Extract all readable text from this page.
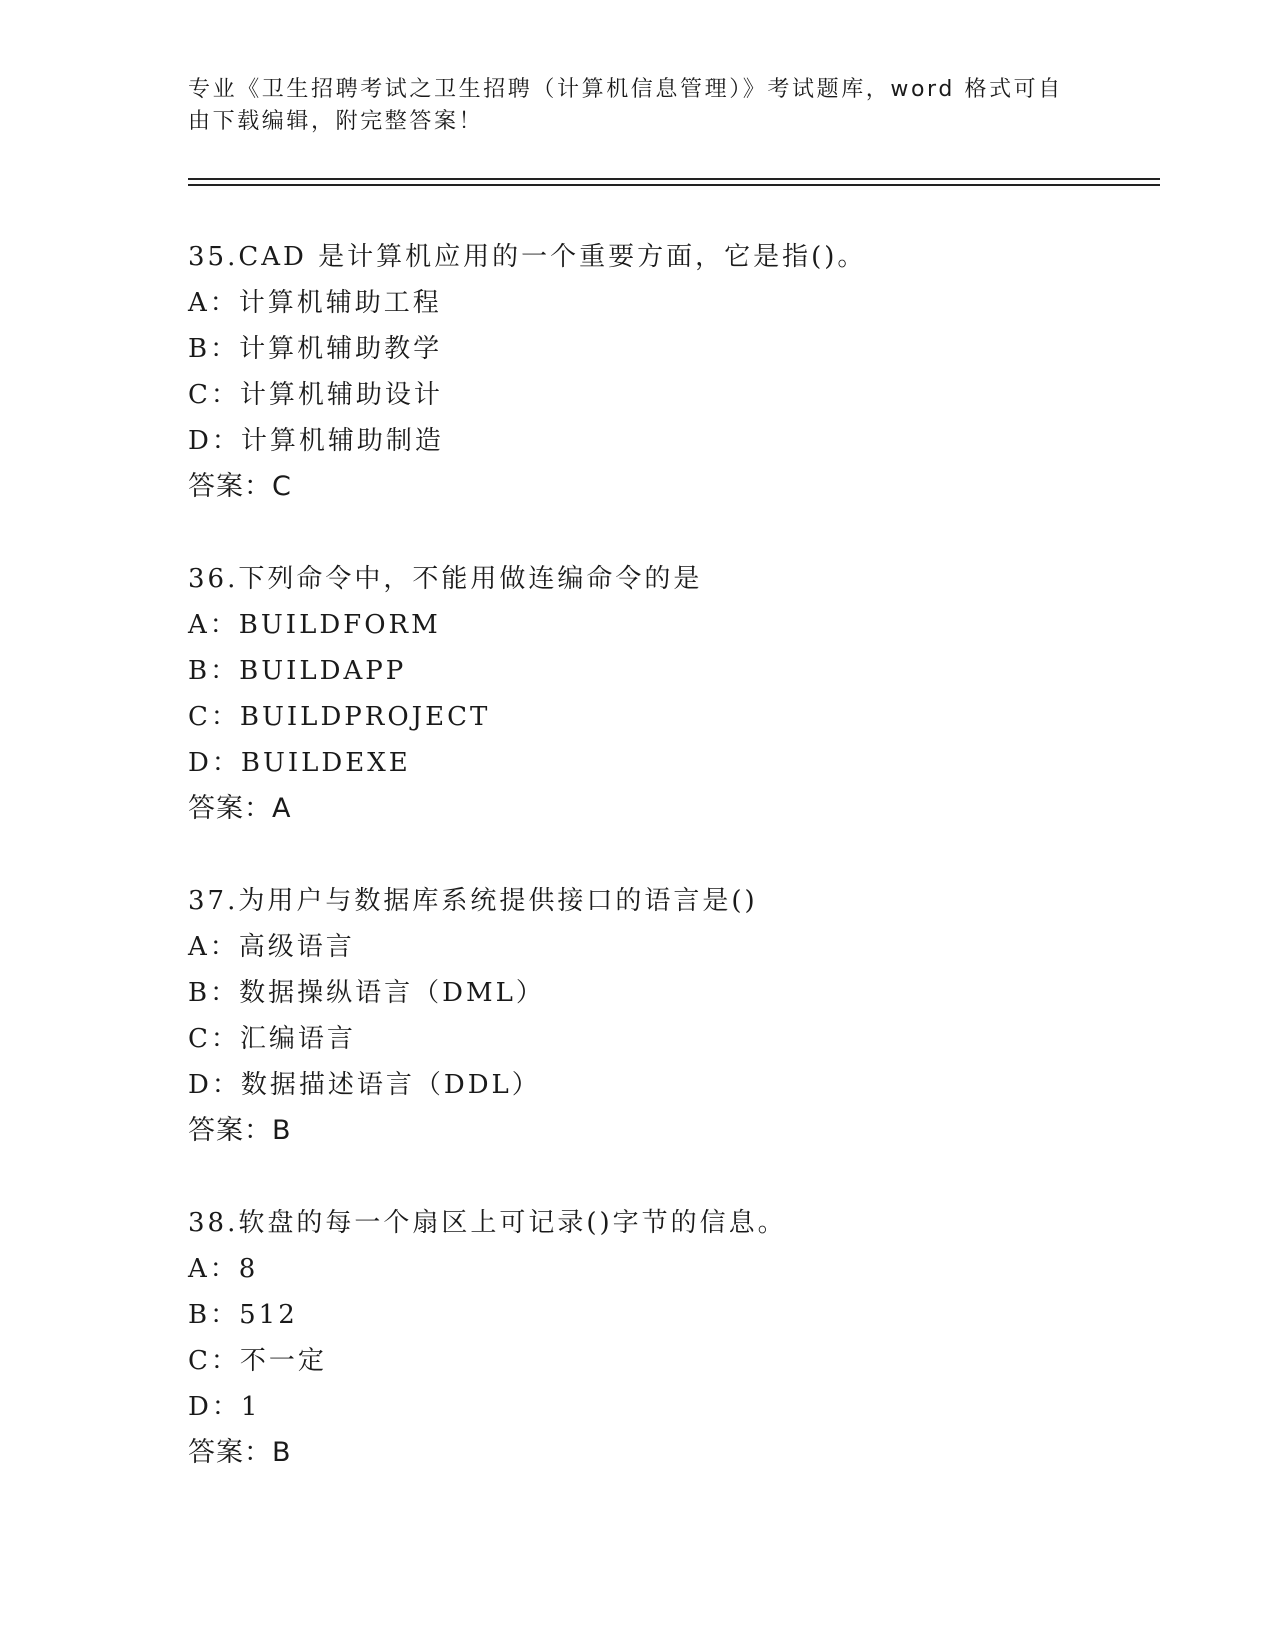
专业《卫生招聘考试之卫生招聘（计算机信息管理）》考试题库，word 格式可自
由下载编辑，附完整答案！
35.CAD 是计算机应用的一个重要方面，它是指()。
A：计算机辅助工程
B：计算机辅助教学
C：计算机辅助设计
D：计算机辅助制造
答案：C
36.下列命令中，不能用做连编命令的是
A：BUILDFORM
B：BUILDAPP
C：BUILDPROJECT
D：BUILDEXE
答案：A
37.为用户与数据库系统提供接口的语言是()
A：高级语言
B：数据操纵语言（DML）
C：汇编语言
D：数据描述语言（DDL）
答案：B
38.软盘的每一个扇区上可记录()字节的信息。
A：8
B：512
C：不一定
D：1
答案：B
